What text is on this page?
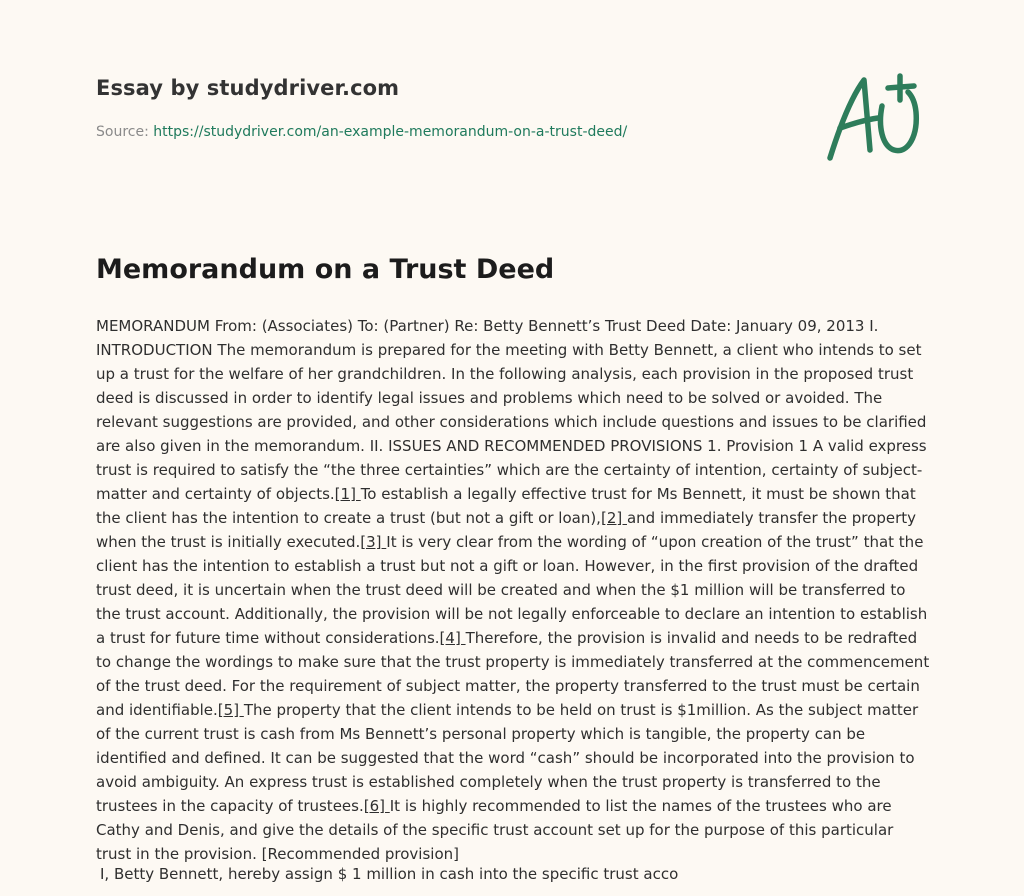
Essay by studydriver.com
Source: https://studydriver.com/an-example-memorandum-on-a-trust-deed/
Memorandum on a Trust Deed

MEMORANDUM From: (Associates) To: (Partner) Re: Betty Bennett’s Trust Deed Date: January 09, 2013 I. INTRODUCTION The memorandum is prepared for the meeting with Betty Bennett, a client who intends to set up a trust for the welfare of her grandchildren. In the following analysis, each provision in the proposed trust deed is discussed in order to identify legal issues and problems which need to be solved or avoided. The relevant suggestions are provided, and other considerations which include questions and issues to be clarified are also given in the memorandum. II. ISSUES AND RECOMMENDED PROVISIONS 1. Provision 1 A valid express trust is required to satisfy the “the three certainties” which are the certainty of intention, certainty of subject-matter and certainty of objects.[1] To establish a legally effective trust for Ms Bennett, it must be shown that the client has the intention to create a trust (but not a gift or loan),[2] and immediately transfer the property when the trust is initially executed.[3] It is very clear from the wording of “upon creation of the trust” that the client has the intention to establish a trust but not a gift or loan. However, in the first provision of the drafted trust deed, it is uncertain when the trust deed will be created and when the $1 million will be transferred to the trust account. Additionally, the provision will be not legally enforceable to declare an intention to establish a trust for future time without considerations.[4] Therefore, the provision is invalid and needs to be redrafted to change the wordings to make sure that the trust property is immediately transferred at the commencement of the trust deed. For the requirement of subject matter, the property transferred to the trust must be certain and identifiable.[5] The property that the client intends to be held on trust is $1million. As the subject matter of the current trust is cash from Ms Bennett’s personal property which is tangible, the property can be identified and defined. It can be suggested that the word “cash” should be incorporated into the provision to avoid ambiguity. An express trust is established completely when the trust property is transferred to the trustees in the capacity of trustees.[6] It is highly recommended to list the names of the trustees who are Cathy and Denis, and give the details of the specific trust account set up for the purpose of this particular trust in the provision. [Recommended provision]

I, Betty Bennett, hereby assign $ 1 million in cash into the specific trust acco
